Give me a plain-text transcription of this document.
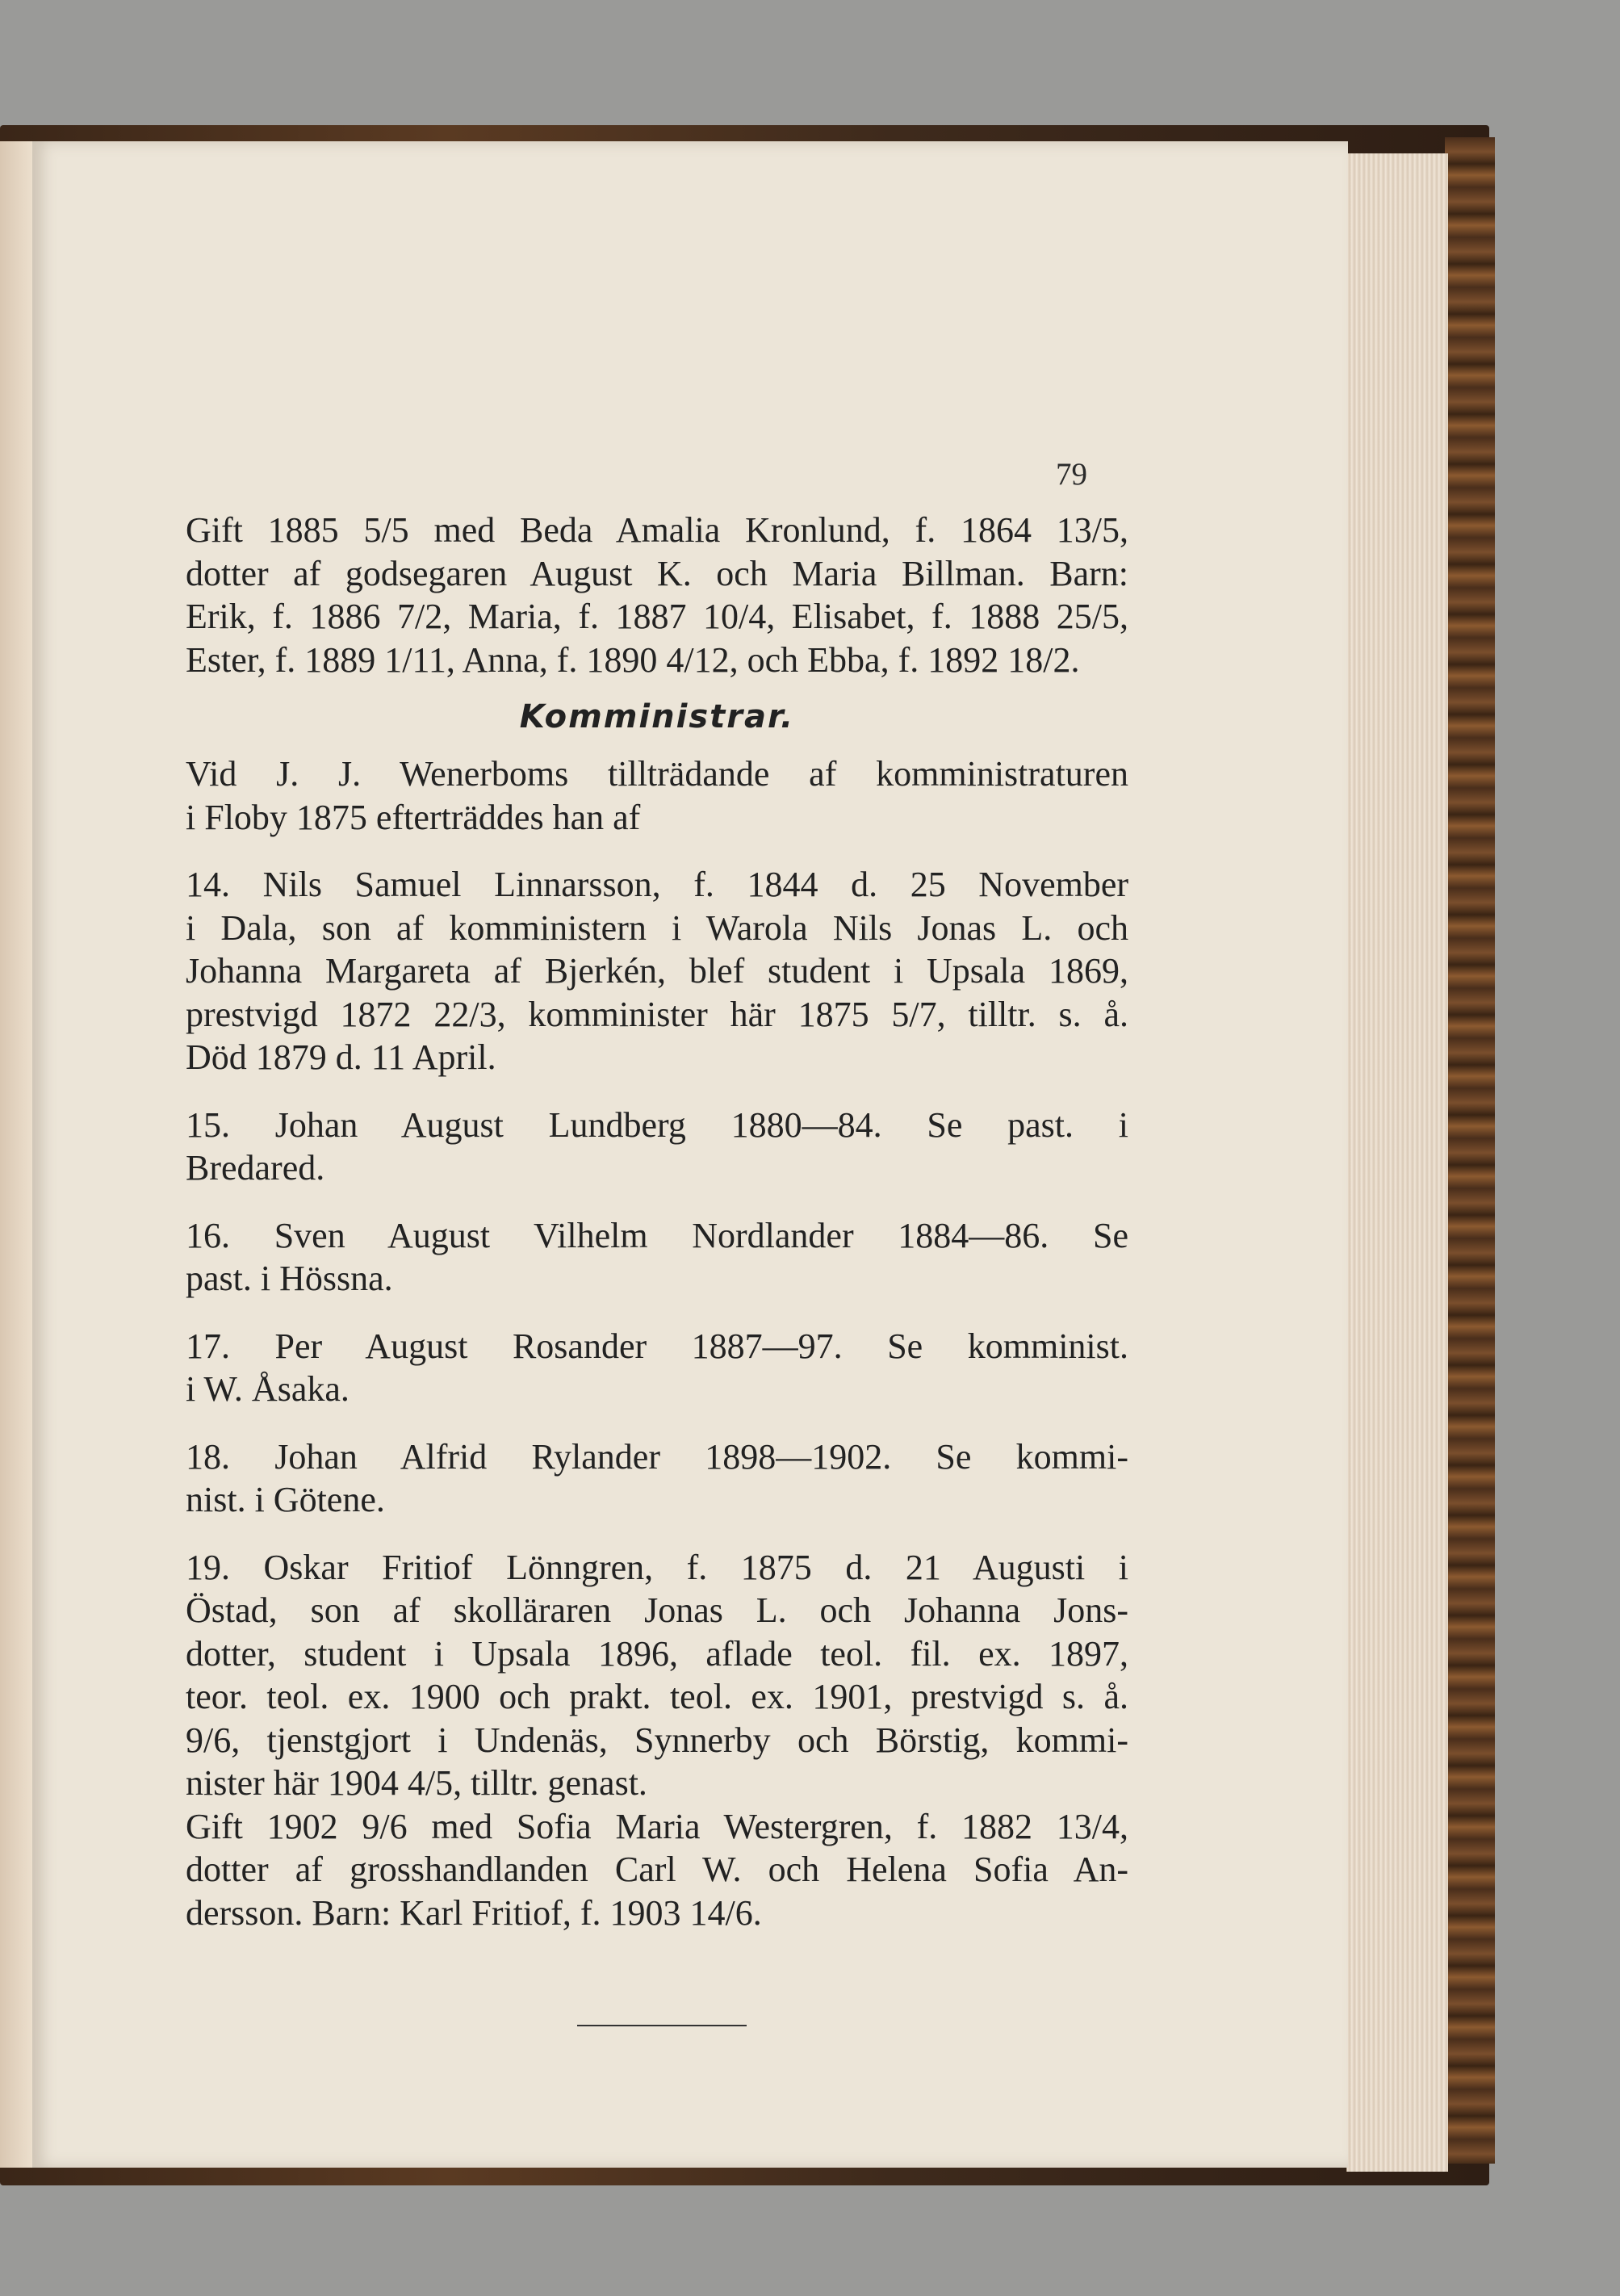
79
Gift 1885 5/5 med Beda Amalia Kronlund, f. 1864 13/5,
dotter af godsegaren August K. och Maria Billman. Barn:
Erik, f. 1886 7/2, Maria, f. 1887 10/4, Elisabet, f. 1888 25/5,
Ester, f. 1889 1/11, Anna, f. 1890 4/12, och Ebba, f. 1892 18/2.
Komministrar.
Vid J. J. Wenerboms tillträdande af komministraturen
i Floby 1875 efterträddes han af
14. Nils Samuel Linnarsson, f. 1844 d. 25 November
i Dala, son af komministern i Warola Nils Jonas L. och
Johanna Margareta af Bjerkén, blef student i Upsala 1869,
prestvigd 1872 22/3, komminister här 1875 5/7, tilltr. s. å.
Död 1879 d. 11 April.
15. Johan August Lundberg 1880—84. Se past. i
Bredared.
16. Sven August Vilhelm Nordlander 1884—86. Se
past. i Hössna.
17. Per August Rosander 1887—97. Se komminist.
i W. Åsaka.
18. Johan Alfrid Rylander 1898—1902. Se kommi-
nist. i Götene.
19. Oskar Fritiof Lönngren, f. 1875 d. 21 Augusti i
Östad, son af skolläraren Jonas L. och Johanna Jons-
dotter, student i Upsala 1896, aflade teol. fil. ex. 1897,
teor. teol. ex. 1900 och prakt. teol. ex. 1901, prestvigd s. å.
9/6, tjenstgjort i Undenäs, Synnerby och Börstig, kommi-
nister här 1904 4/5, tilltr. genast.
Gift 1902 9/6 med Sofia Maria Westergren, f. 1882 13/4,
dotter af grosshandlanden Carl W. och Helena Sofia An-
dersson. Barn: Karl Fritiof, f. 1903 14/6.
